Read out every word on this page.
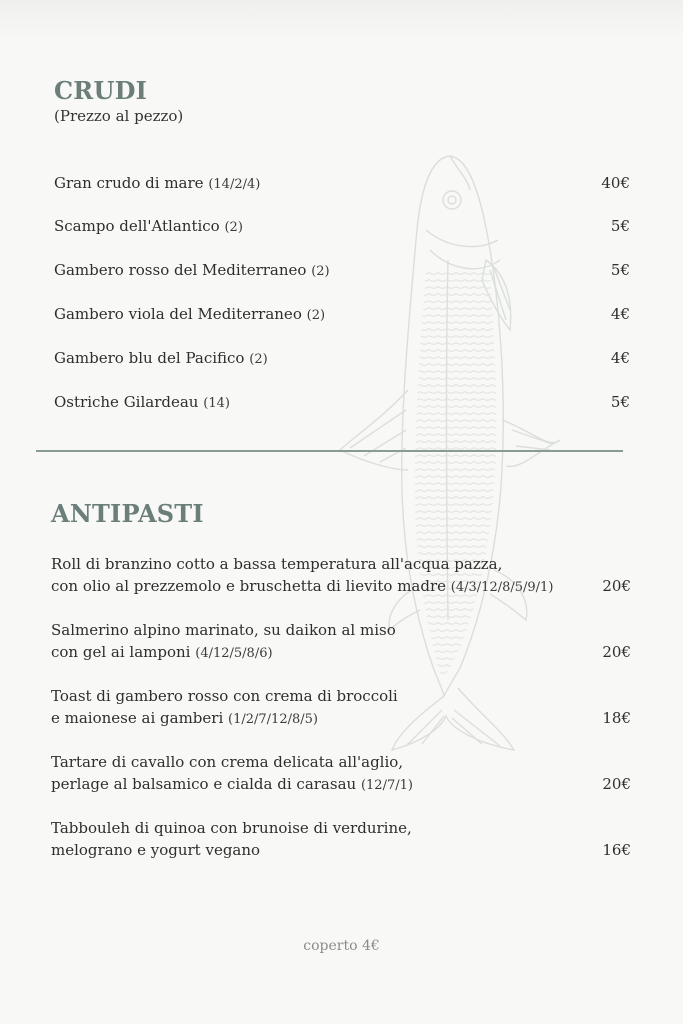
CRUDI
(Prezzo al pezzo)
Gran crudo di mare (14/2/4)	40€
Scampo dell'Atlantico (2)	5€
Gambero rosso del Mediterraneo (2)	5€
Gambero viola del Mediterraneo (2)	4€
Gambero blu del Pacifico (2)	4€
Ostriche Gilardeau (14)	5€
ANTIPASTI
Roll di branzino cotto a bassa temperatura all'acqua pazza,
con olio al prezzemolo e bruschetta di lievito madre (4/3/12/8/5/9/1)	20€
Salmerino alpino marinato, su daikon al miso
con gel ai lamponi (4/12/5/8/6)	20€
Toast di gambero rosso con crema di broccoli
e maionese ai gamberi (1/2/7/12/8/5)	18€
Tartare di cavallo con crema delicata all'aglio,
perlage al balsamico e cialda di carasau (12/7/1)	20€
Tabbouleh di quinoa con brunoise di verdurine,
melograno e yogurt vegano	16€
coperto 4€
